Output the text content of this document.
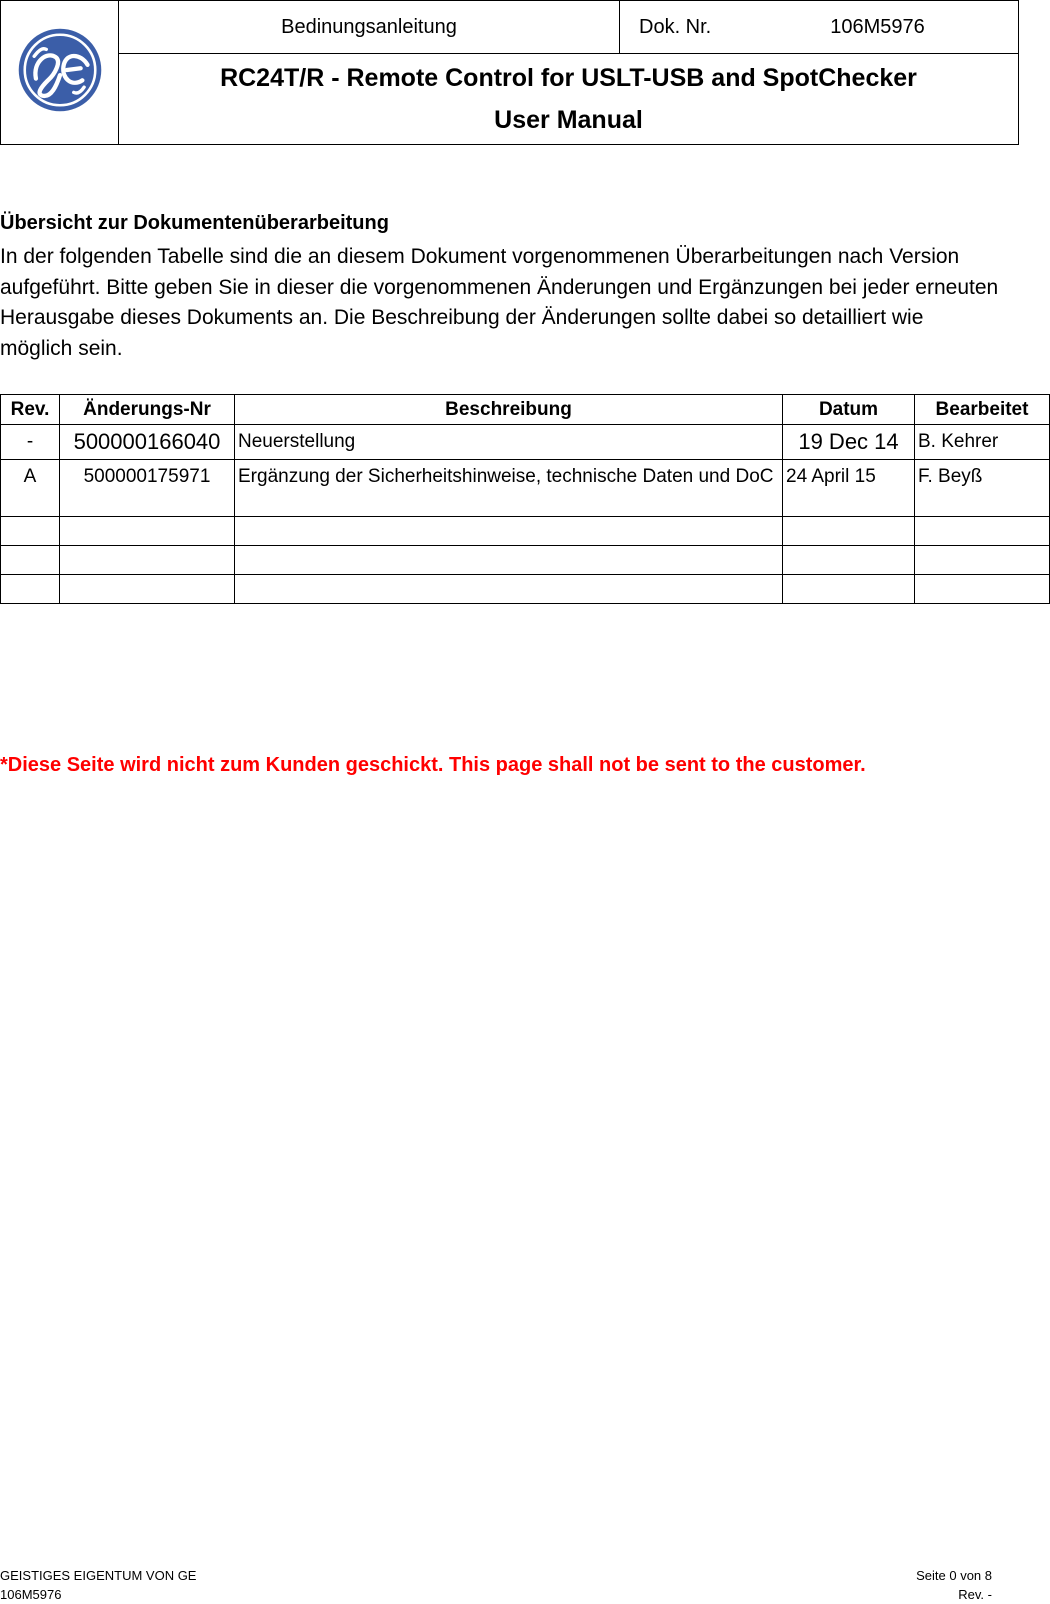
	Bedinungsanleitung	Dok. Nr.	106M5976

RC24T/R - Remote Control for USLT-USB and SpotChecker
User Manual
Übersicht zur Dokumentenüberarbeitung

In der folgenden Tabelle sind die an diesem Dokument vorgenommenen Überarbeitungen nach Version aufgeführt. Bitte geben Sie in dieser die vorgenommenen Änderungen und Ergänzungen bei jeder erneuten Herausgabe dieses Dokuments an. Die Beschreibung der Änderungen sollte dabei so detailliert wie möglich sein.

Rev.	Änderungs-Nr	Beschreibung	Datum	Bearbeitet
-	500000166040	Neuerstellung	19 Dec 14	B. Kehrer
A	500000175971	Ergänzung der Sicherheitshinweise, technische Daten und DoC	24 April 15	F. Beyß

*Diese Seite wird nicht zum Kunden geschickt. This page shall not be sent to the customer.
GEISTIGES EIGENTUM VON GE
106M5976
Seite 0 von 8
Rev. -
